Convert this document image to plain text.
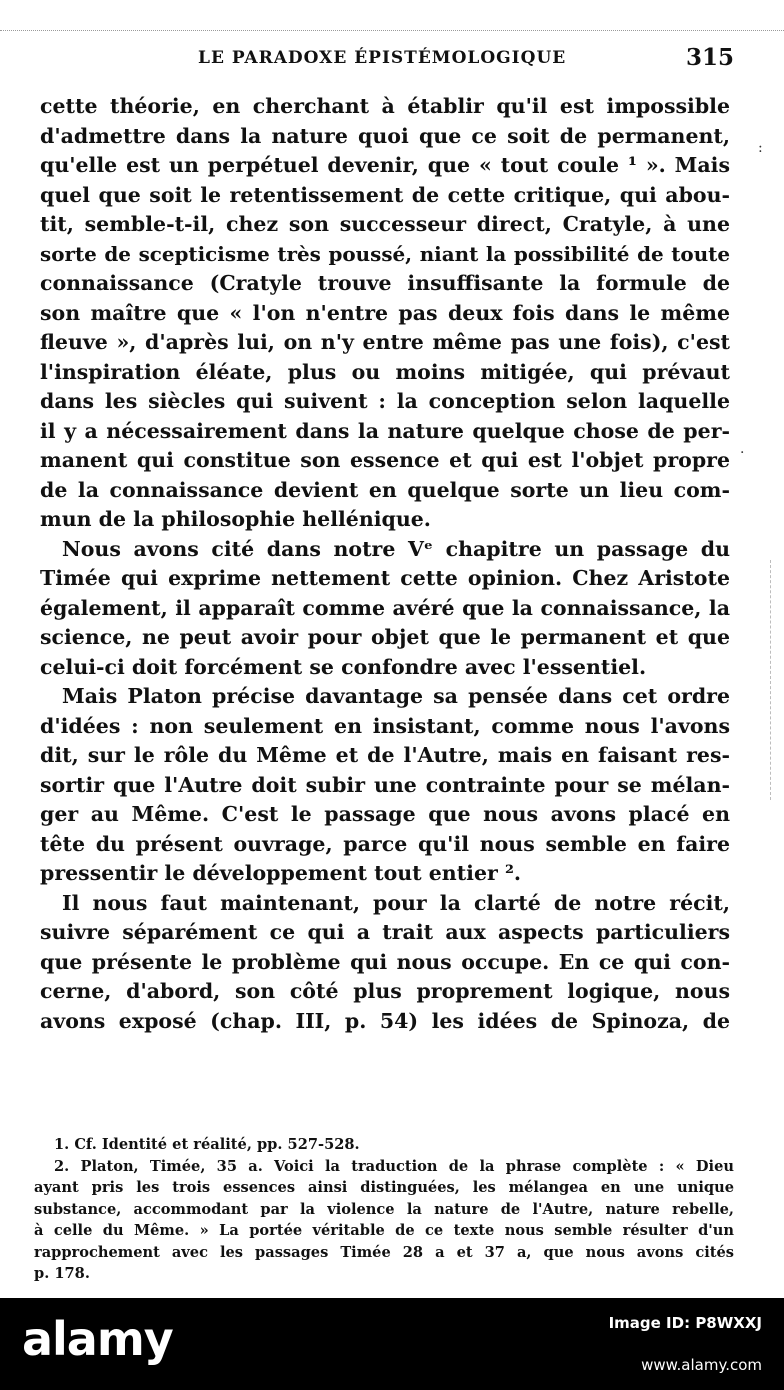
LE PARADOXE ÉPISTÉMOLOGIQUE	315
:
·
cette théorie, en cherchant à établir qu'il est impossible
d'admettre dans la nature quoi que ce soit de permanent,
qu'elle est un perpétuel devenir, que « tout coule ¹ ». Mais
quel que soit le retentissement de cette critique, qui abou-
tit, semble-t-il, chez son successeur direct, Cratyle, à une
sorte de scepticisme très poussé, niant la possibilité de toute
connaissance (Cratyle trouve insuffisante la formule de
son maître que « l'on n'entre pas deux fois dans le même
fleuve », d'après lui, on n'y entre même pas une fois), c'est
l'inspiration éléate, plus ou moins mitigée, qui prévaut
dans les siècles qui suivent : la conception selon laquelle
il y a nécessairement dans la nature quelque chose de per-
manent qui constitue son essence et qui est l'objet propre
de la connaissance devient en quelque sorte un lieu com-
mun de la philosophie hellénique.
Nous avons cité dans notre Vᵉ chapitre un passage du
Timée qui exprime nettement cette opinion. Chez Aristote
également, il apparaît comme avéré que la connaissance, la
science, ne peut avoir pour objet que le permanent et que
celui-ci doit forcément se confondre avec l'essentiel.
Mais Platon précise davantage sa pensée dans cet ordre
d'idées : non seulement en insistant, comme nous l'avons
dit, sur le rôle du Même et de l'Autre, mais en faisant res-
sortir que l'Autre doit subir une contrainte pour se mélan-
ger au Même. C'est le passage que nous avons placé en
tête du présent ouvrage, parce qu'il nous semble en faire
pressentir le développement tout entier ².
Il nous faut maintenant, pour la clarté de notre récit,
suivre séparément ce qui a trait aux aspects particuliers
que présente le problème qui nous occupe. En ce qui con-
cerne, d'abord, son côté plus proprement logique, nous
avons exposé (chap. III, p. 54) les idées de Spinoza, de
1. Cf. Identité et réalité, pp. 527-528.
2. Platon, Timée, 35 a. Voici la traduction de la phrase complète : « Dieu
ayant pris les trois essences ainsi distinguées, les mélangea en une unique
substance, accommodant par la violence la nature de l'Autre, nature rebelle,
à celle du Même. » La portée véritable de ce texte nous semble résulter d'un
rapprochement avec les passages Timée 28 a et 37 a, que nous avons cités
p. 178.
alamy	Image ID: P8WXXJ
www.alamy.com
